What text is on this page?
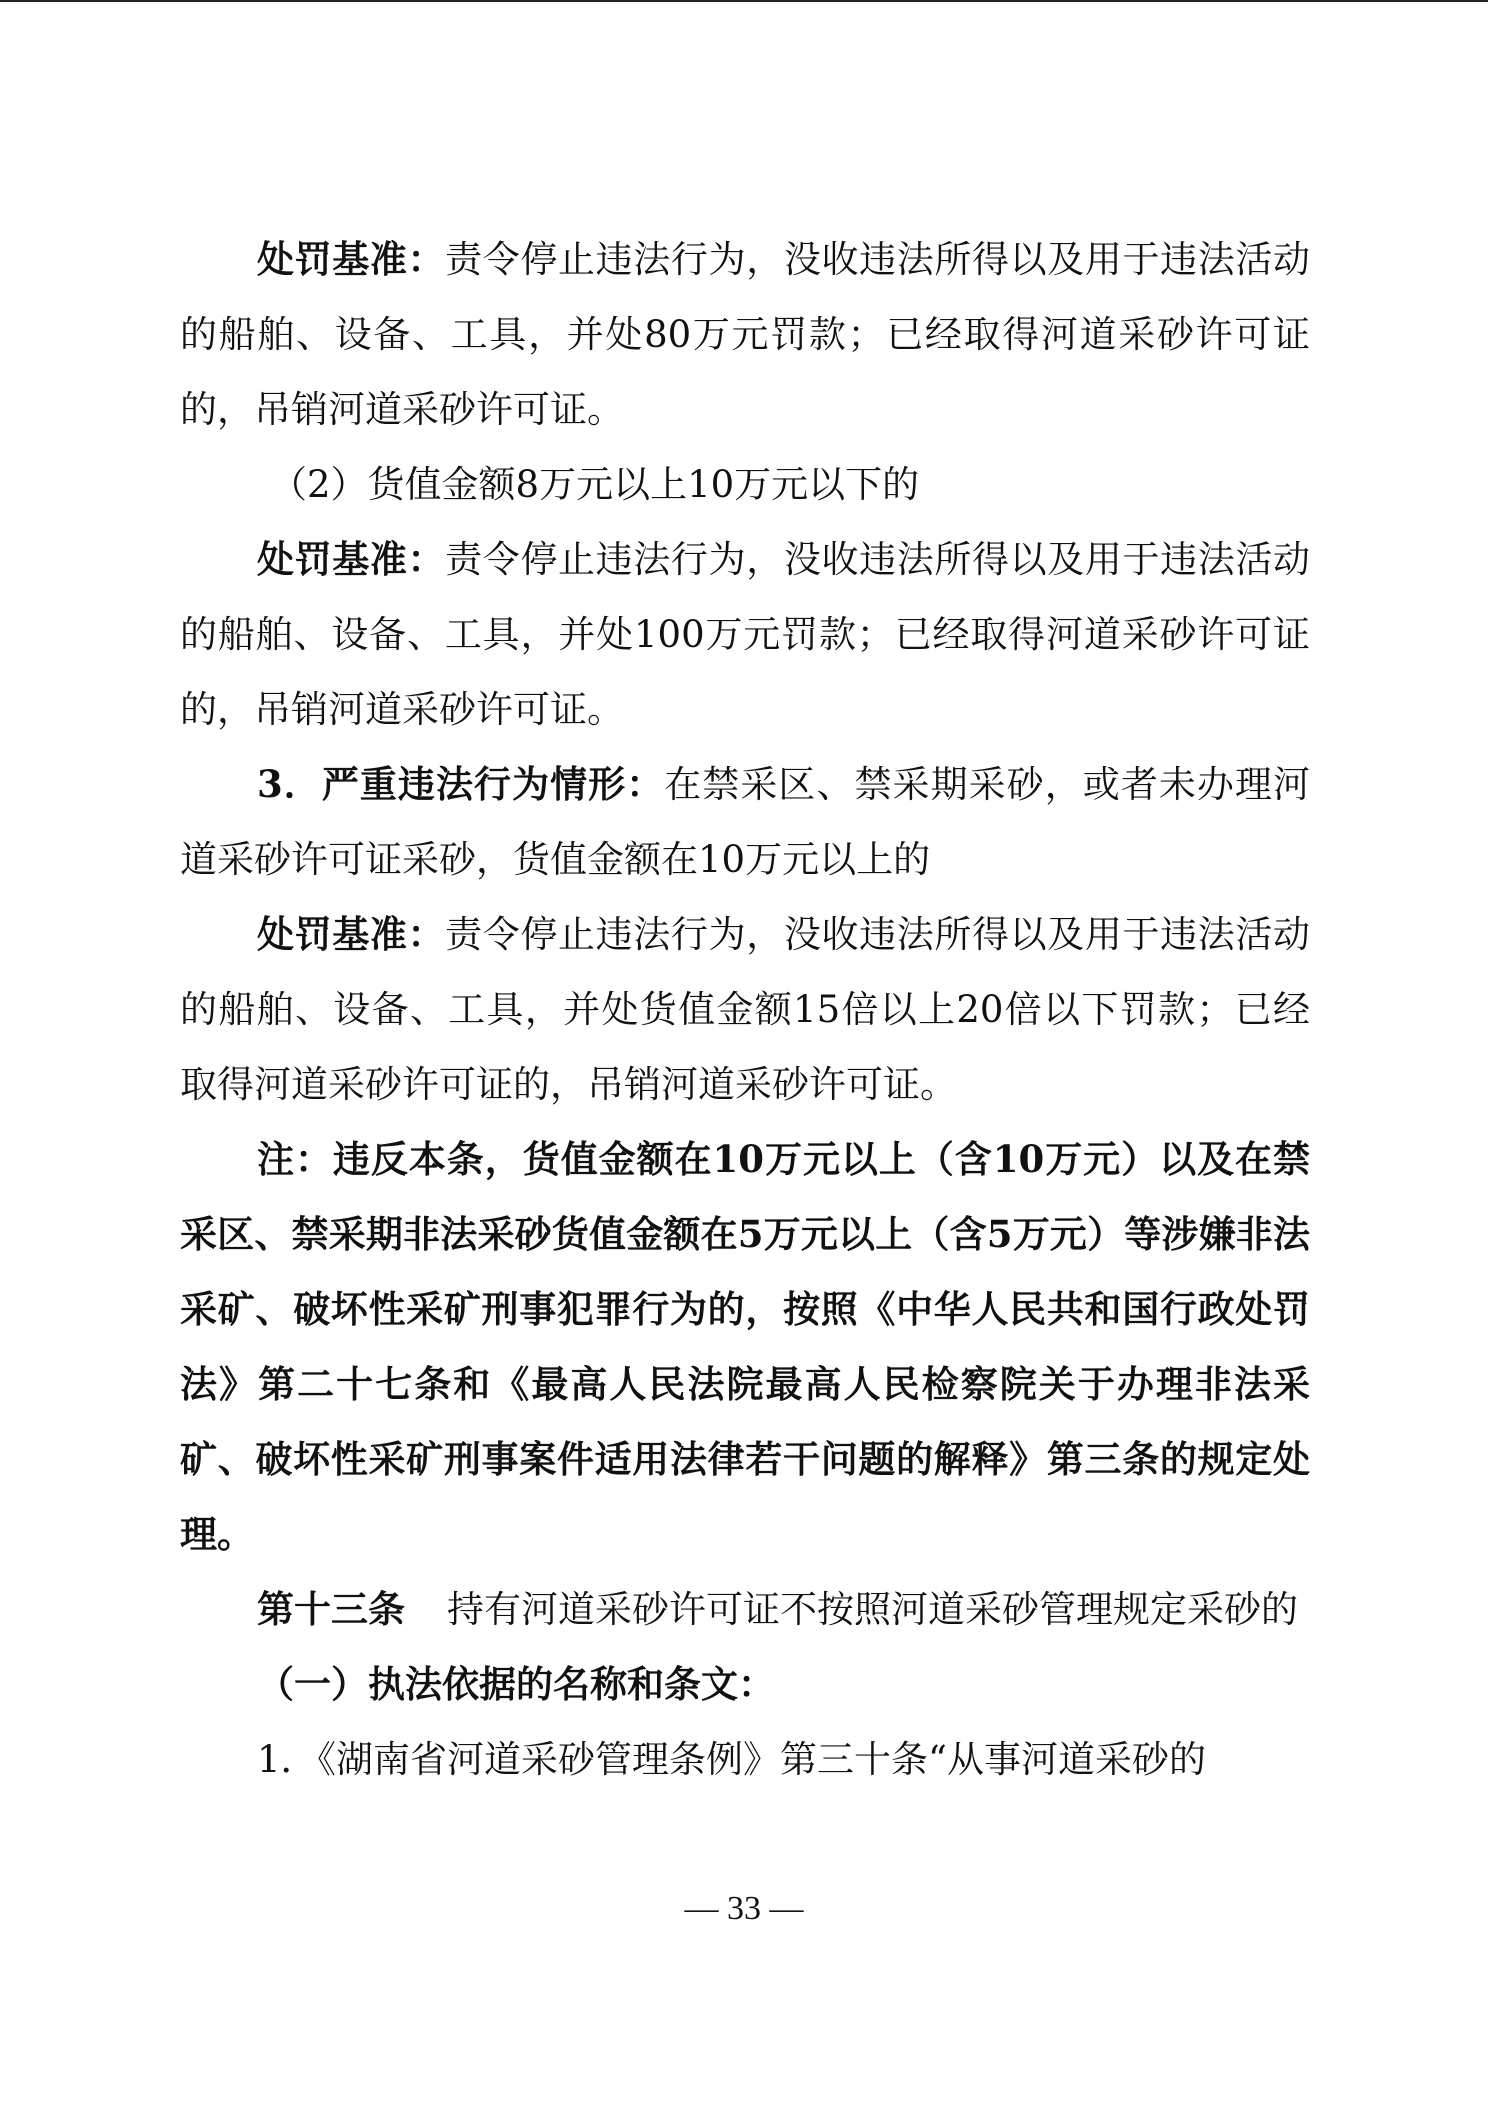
处罚基准：责令停止违法行为，没收违法所得以及用于违法活动的船舶、设备、工具，并处80万元罚款；已经取得河道采砂许可证的，吊销河道采砂许可证。

（2）货值金额8万元以上10万元以下的

处罚基准：责令停止违法行为，没收违法所得以及用于违法活动的船舶、设备、工具，并处100万元罚款；已经取得河道采砂许可证的，吊销河道采砂许可证。

3．严重违法行为情形：在禁采区、禁采期采砂，或者未办理河道采砂许可证采砂，货值金额在10万元以上的

处罚基准：责令停止违法行为，没收违法所得以及用于违法活动的船舶、设备、工具，并处货值金额15倍以上20倍以下罚款；已经取得河道采砂许可证的，吊销河道采砂许可证。

注：违反本条，货值金额在10万元以上（含10万元）以及在禁采区、禁采期非法采砂货值金额在5万元以上（含5万元）等涉嫌非法采矿、破坏性采矿刑事犯罪行为的，按照《中华人民共和国行政处罚法》第二十七条和《最高人民法院最高人民检察院关于办理非法采矿、破坏性采矿刑事案件适用法律若干问题的解释》第三条的规定处理。

第十三条 持有河道采砂许可证不按照河道采砂管理规定采砂的

（一）执法依据的名称和条文：

1．《湖南省河道采砂管理条例》第三十条“从事河道采砂的

— 33 —
